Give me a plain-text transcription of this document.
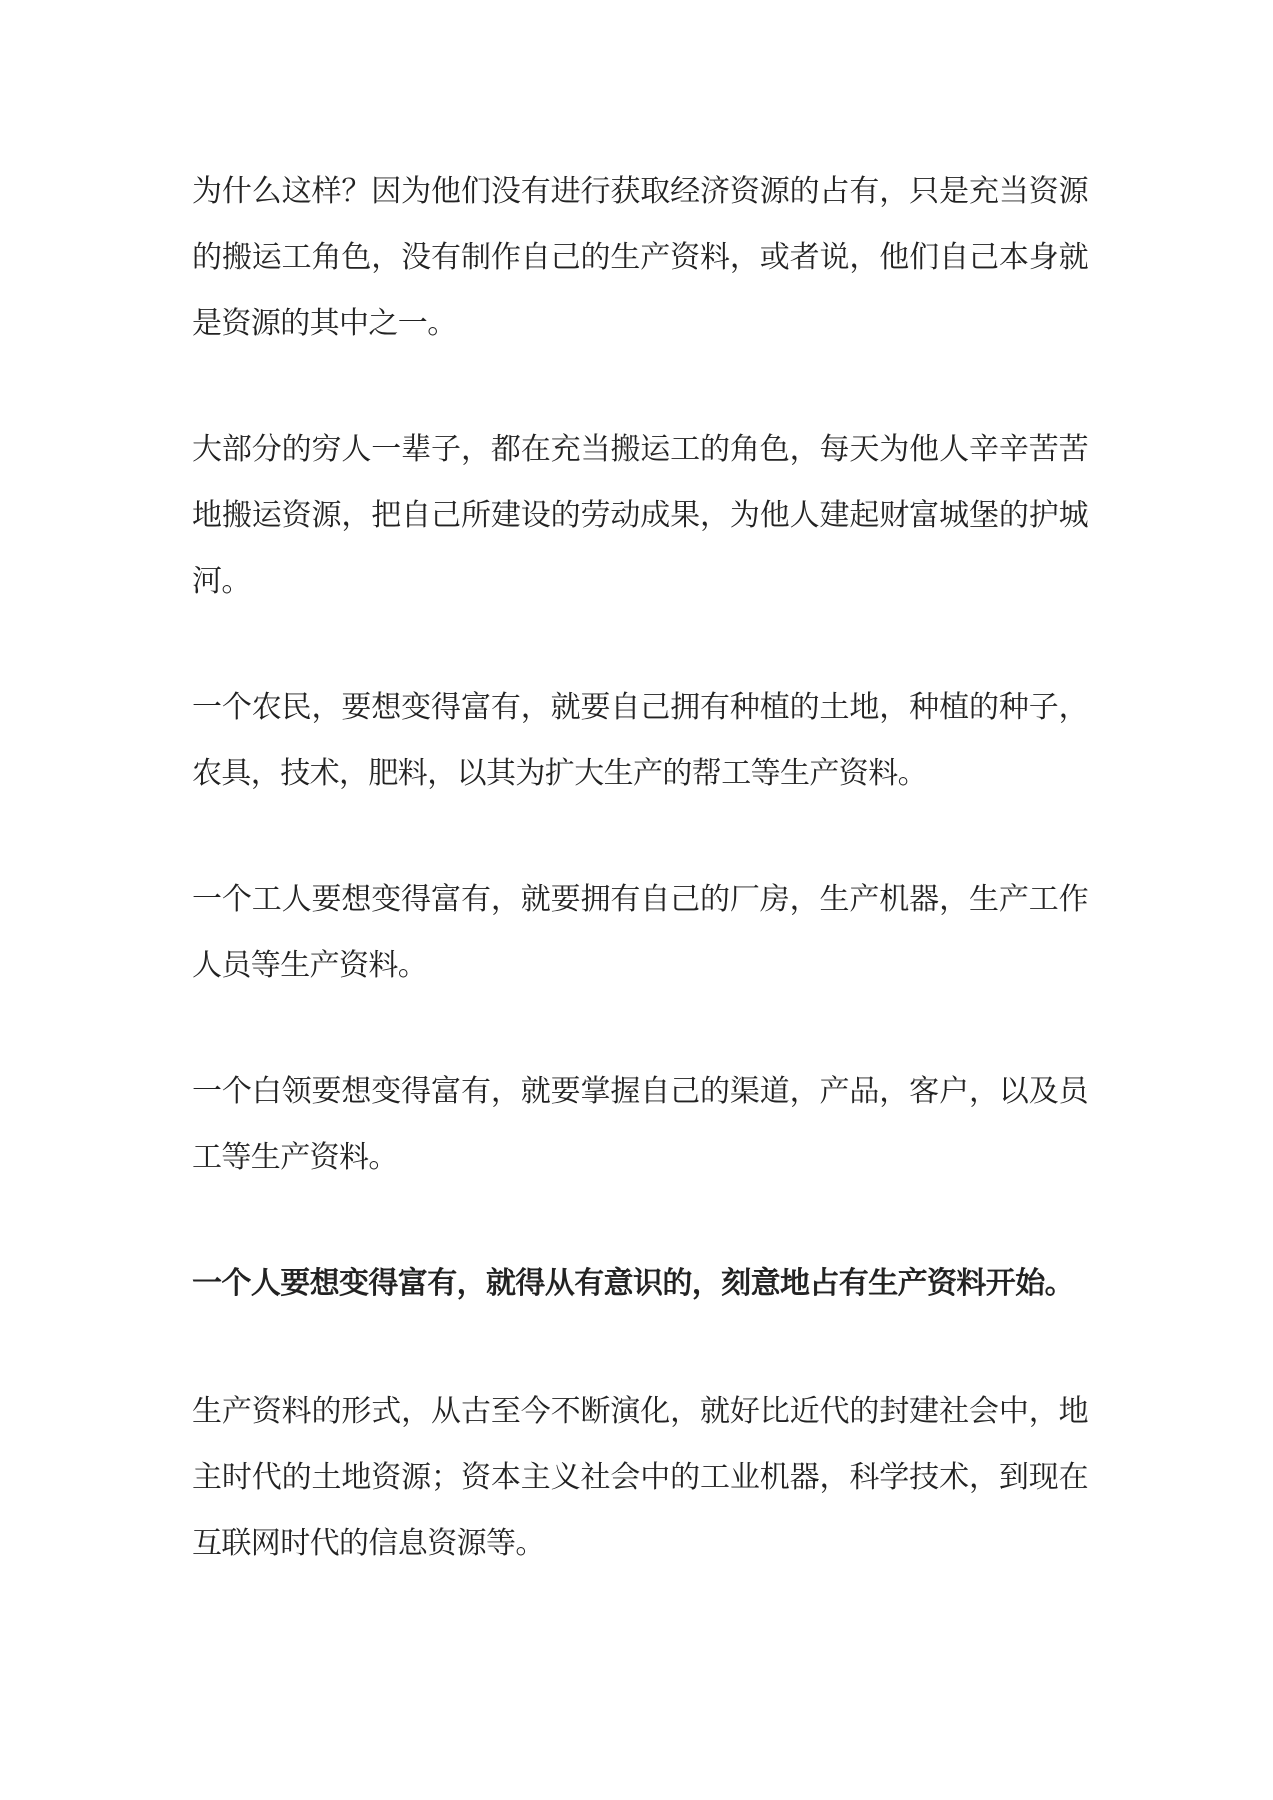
为什么这样？因为他们没有进行获取经济资源的占有，只是充当资源的搬运工角色，没有制作自己的生产资料，或者说，他们自己本身就是资源的其中之一。

大部分的穷人一辈子，都在充当搬运工的角色，每天为他人辛辛苦苦地搬运资源，把自己所建设的劳动成果，为他人建起财富城堡的护城河。

一个农民，要想变得富有，就要自己拥有种植的土地，种植的种子，农具，技术，肥料，以其为扩大生产的帮工等生产资料。

一个工人要想变得富有，就要拥有自己的厂房，生产机器，生产工作人员等生产资料。

一个白领要想变得富有，就要掌握自己的渠道，产品，客户，以及员工等生产资料。

一个人要想变得富有，就得从有意识的，刻意地占有生产资料开始。

生产资料的形式，从古至今不断演化，就好比近代的封建社会中，地主时代的土地资源；资本主义社会中的工业机器，科学技术，到现在互联网时代的信息资源等。
